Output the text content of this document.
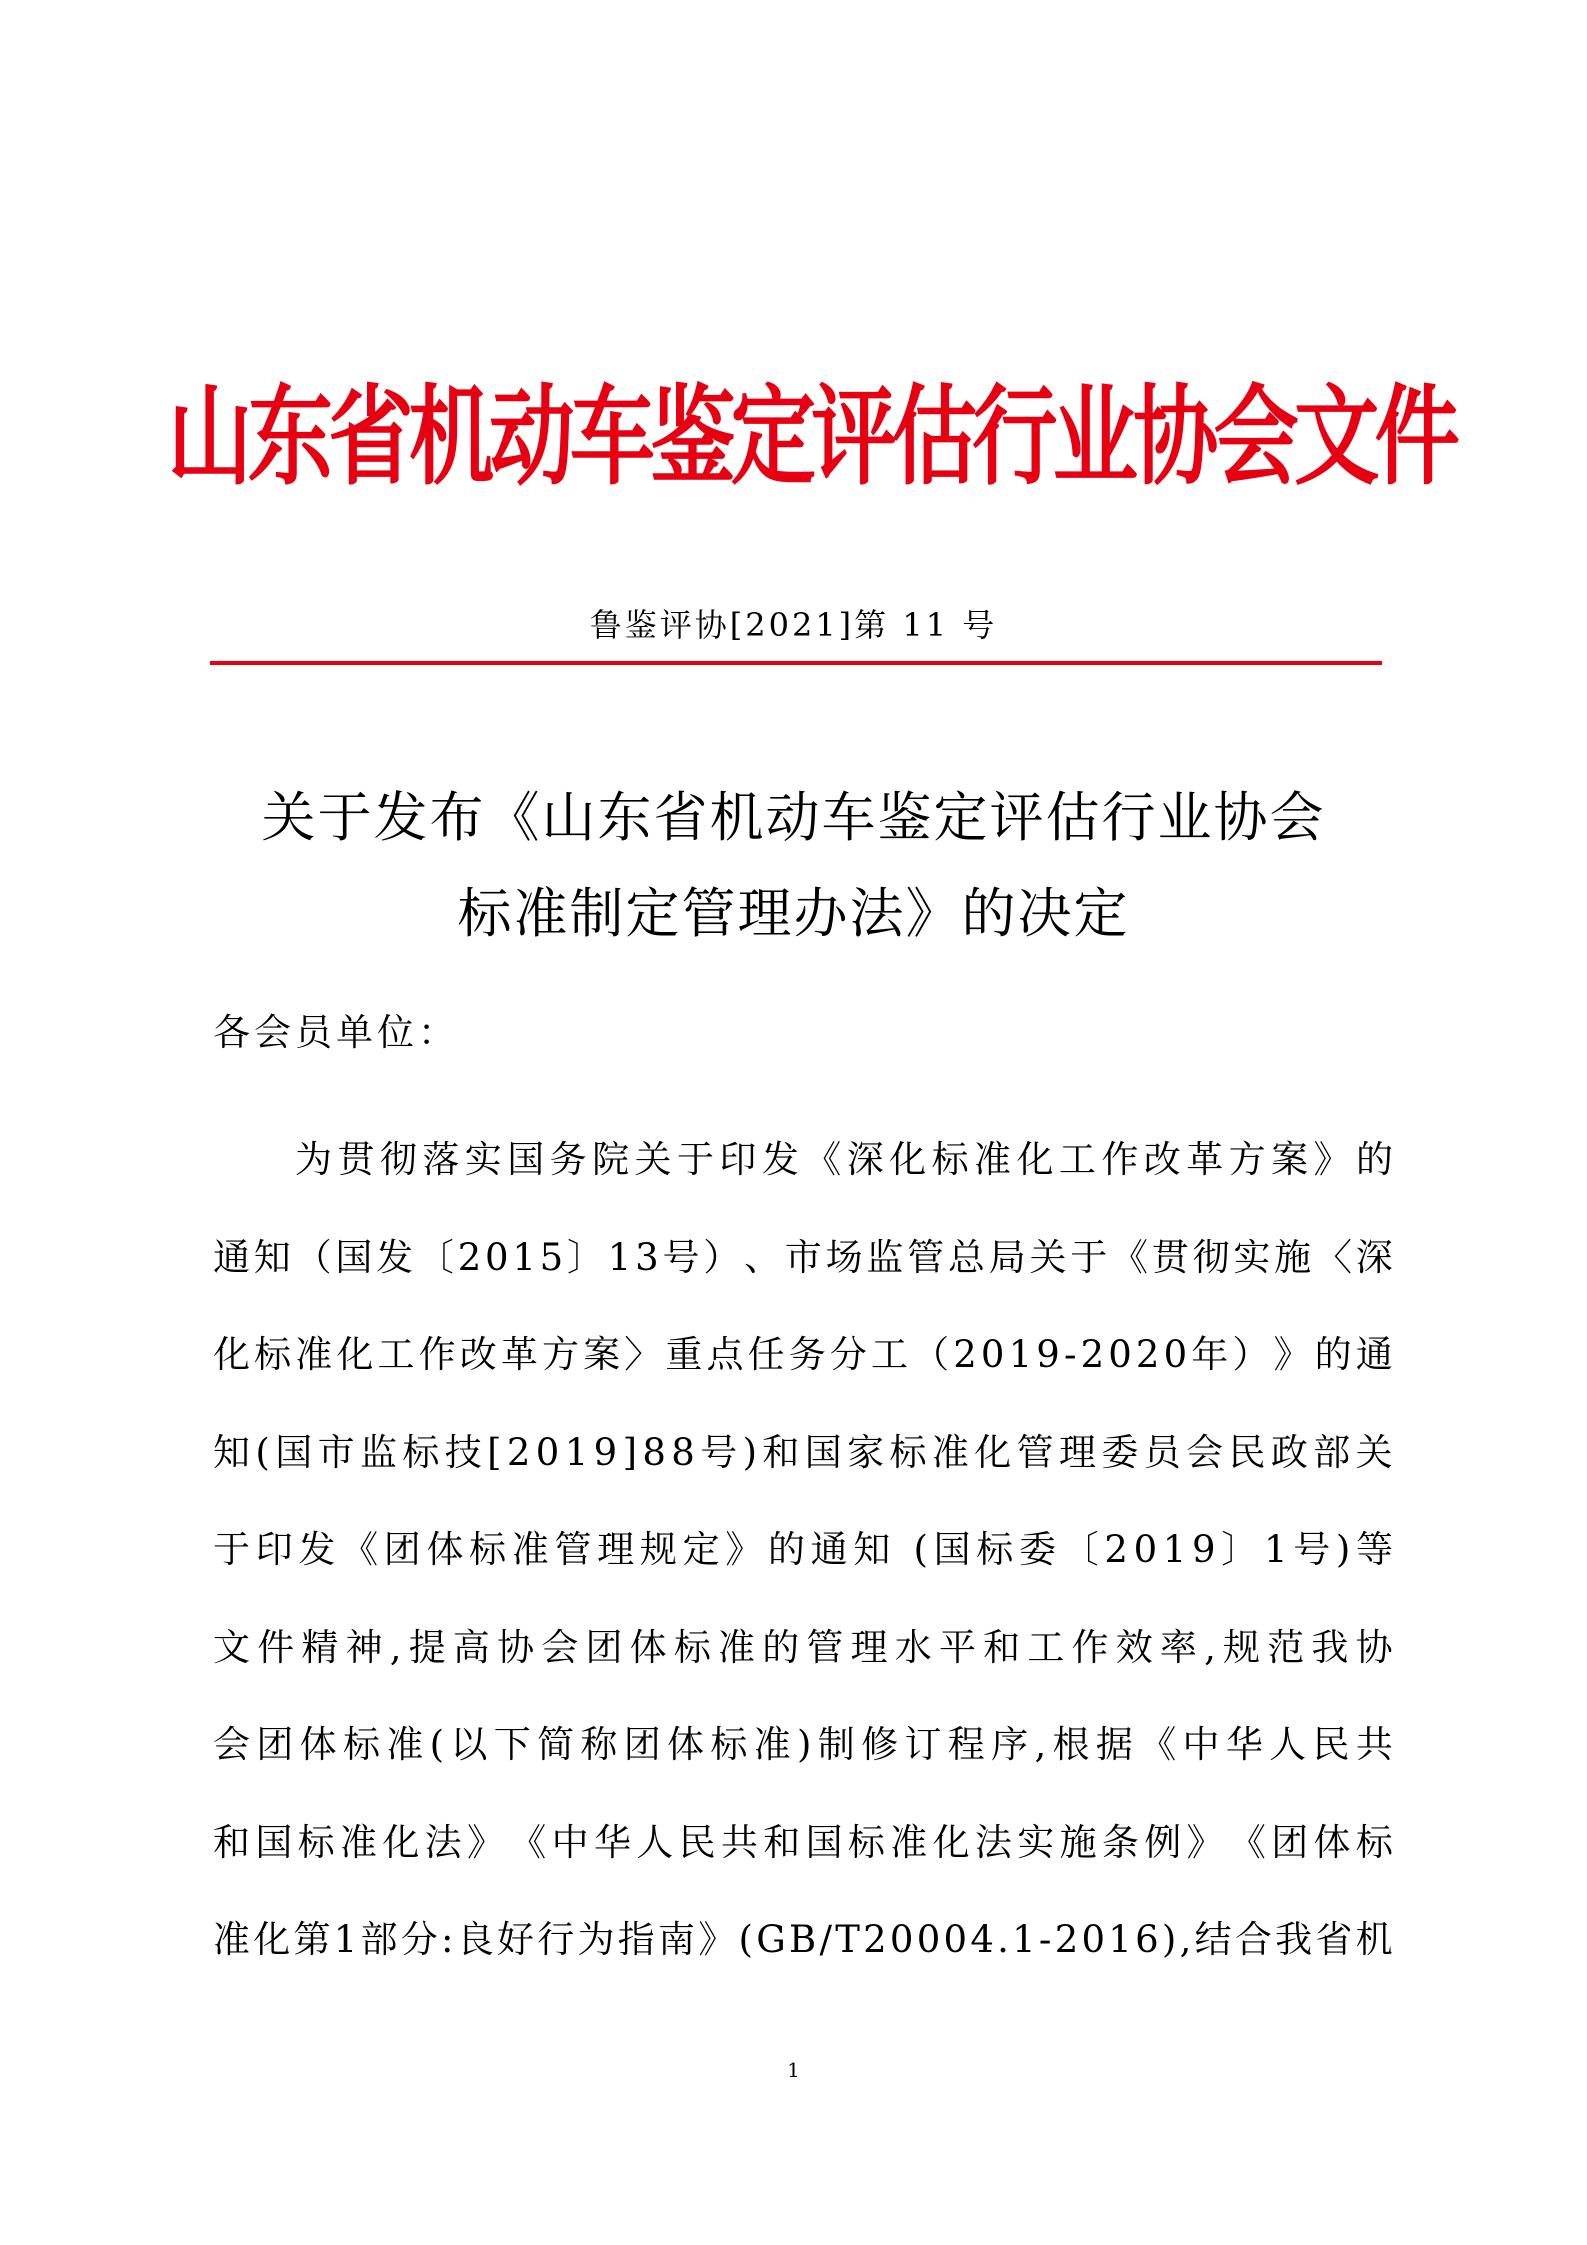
山东省机动车鉴定评估行业协会文件
鲁鉴评协[2021]第 11 号
关于发布《山东省机动车鉴定评估行业协会
标准制定管理办法》的决定
各会员单位：
为 贯 彻 落 实 国 务 院 关 于 印 发 《 深 化 标 准 化 工 作 改 革 方 案 》 的
通 知 （ 国 发 〔 2 0 1 5 〕 1 3 号 ） 、 市 场 监 管 总 局 关 于 《 贯 彻 实 施 〈 深
化 标 准 化 工 作 改 革 方 案 〉 重 点 任 务 分 工 （ 2 0 1 9 - 2 0 2 0 年 ） 》 的 通
知 ( 国 市 监 标 技 [ 2 0 1 9 ] 8 8 号 ) 和 国 家 标 准 化 管 理 委 员 会 民 政 部 关
于 印 发 《 团 体 标 准 管 理 规 定 》 的 通 知
( 国 标 委 〔 2 0 1 9 〕 1 号 ) 等
文 件 精 神 , 提 高 协 会 团 体 标 准 的 管 理 水 平 和 工 作 效 率 , 规 范 我 协
会 团 体 标 准 ( 以 下 简 称 团 体 标 准 ) 制 修 订 程 序 , 根 据 《 中 华 人 民 共
和 国 标 准 化 法 》 《 中 华 人 民 共 和 国 标 准 化 法 实 施 条 例 》 《 团 体 标
准 化 第 1 部 分 : 良 好 行 为 指 南 》 ( G B / T 2 0 0 0 4 . 1 - 2 0 1 6 ) , 结 合 我 省 机
1
